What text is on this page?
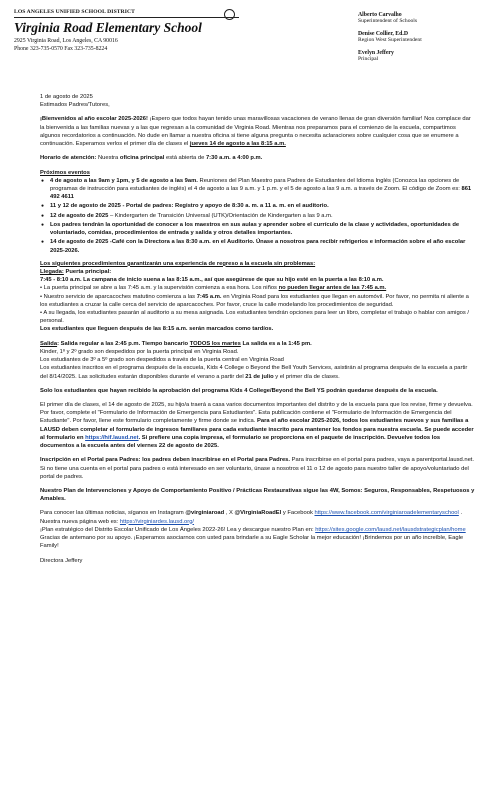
LOS ANGELES UNIFIED SCHOOL DISTRICT
Virginia Road Elementary School
2925 Virginia Road, Los Angeles, CA 90016
Phone 323-735-0570 Fax 323-735-8224
Alberto Carvalho
Superintendent of Schools
Denise Collier, Ed.D
Region West Superintendent
Evelyn Jeffery
Principal

1 de agosto de 2025
Estimados Padres/Tutores,

¡Bienvenidos al año escolar 2025-2026! ¡Espero que todos hayan tenido unas maravillosas vacaciones de verano llenas de gran diversión familiar! Nos complace dar la bienvenida a las familias nuevas y a las que regresan a la comunidad de Virginia Road. Mientras nos preparamos para el comienzo de la escuela, compartimos algunos recordatorios a continuación. No dude en llamar a nuestra oficina si tiene alguna pregunta o necesita aclaraciones sobre cualquier cosa que se enumere a continuación. Esperamos verlos el primer día de clases el jueves 14 de agosto a las 8:15 a.m.

Horario de atención: Nuestra oficina principal está abierta de 7:30 a.m. a 4:00 p.m.

Próximos eventos
● 4 de agosto a las 9am y 1pm, y 5 de agosto a las 9am. Reuniones del Plan Maestro para Padres de Estudiantes del Idioma Inglés (Conozca las opciones de programas de instrucción para estudiantes de inglés) el 4 de agosto a las 9 a.m. y 1 p.m. y el 5 de agosto a las 9 a.m. a través de Zoom. El código de Zoom es: 861 492 4611
● 11 y 12 de agosto de 2025 - Portal de padres: Registro y apoyo de 8:30 a. m. a 11 a. m. en el auditorio.
● 12 de agosto de 2025 – Kindergarten de Transición Universal (UTK)/Orientación de Kindergarten a las 9 a.m.
● Los padres tendrán la oportunidad de conocer a los maestros en sus aulas y aprender sobre el currículo de la clase y actividades, oportunidades de voluntariado, comidas, procedimientos de entrada y salida y otros detalles importantes.
● 14 de agosto de 2025 -Café con la Directora a las 8:30 a.m. en el Auditorio. Únase a nosotros para recibir refrigerios e información sobre el año escolar 2025-2026.

Los siguientes procedimientos garantizarán una experiencia de regreso a la escuela sin problemas:
Llegada: Puerta principal:
7:45 - 8:10 a.m. La campana de inicio suena a las 8:15 a.m., así que asegúrese de que su hijo esté en la puerta a las 8:10 a.m.
• La puerta principal se abre a las 7:45 a.m. y la supervisión comienza a esa hora. Los niños no pueden llegar antes de las 7:45 a.m.
• Nuestro servicio de aparcacoches matutino comienza a las 7:45 a.m. en Virginia Road para los estudiantes que llegan en automóvil. Por favor, no permita ni aliente a los estudiantes a cruzar la calle cerca del servicio de aparcacoches. Por favor, cruce la calle modelando los procedimientos de seguridad.
• A su llegada, los estudiantes pasarán al auditorio a su mesa asignada. Los estudiantes tendrán opciones para leer un libro, completar el trabajo o hablar con amigos / personal.
Los estudiantes que lleguen después de las 8:15 a.m. serán marcados como tardíos.

Salida: Salida regular a las 2:45 p.m. Tiempo bancario TODOS los martes La salida es a la 1:45 pm.
Kinder, 1º y 2º grado son despedidos por la puerta principal en Virginia Road.
Los estudiantes de 3º a 5º grado son despedidos a través de la puerta central en Virginia Road
Los estudiantes inscritos en el programa después de la escuela, Kids 4 College o Beyond the Bell Youth Services, asistirán al programa después de la escuela a partir del 8/14/2025. Las solicitudes estarán disponibles durante el verano a partir del 21 de julio y el primer día de clases.

Solo los estudiantes que hayan recibido la aprobación del programa Kids 4 College/Beyond the Bell YS podrán quedarse después de la escuela.

El primer día de clases, el 14 de agosto de 2025, su hijo/a traerá a casa varios documentos importantes del distrito y de la escuela para que los revise, firme y devuelva. Por favor, complete el "Formulario de Información de Emergencia para Estudiantes". Esta publicación contiene el "Formulario de Información de Emergencia del Estudiante". Por favor, llene este formulario completamente y firme donde se indica. Para el año escolar 2025-2026, todos los estudiantes nuevos y sus familias a LAUSD deben completar el formulario de ingresos familiares para cada estudiante inscrito para mantener los fondos para nuestra escuela. Se puede acceder al formulario en https://hif.lausd.net. Si prefiere una copia impresa, el formulario se proporciona en el paquete de inscripción. Devuelve todos los documentos a la escuela antes del viernes 22 de agosto de 2025.

Inscripción en el Portal para Padres: los padres deben inscribirse en el Portal para Padres. Para inscribirse en el portal para padres, vaya a parentportal.lausd.net. Si no tiene una cuenta en el portal para padres o está interesado en ser voluntario, únase a nosotros el 11 o 12 de agosto para nuestro taller de apoyo/voluntariado del portal de padres.

Nuestro Plan de Intervenciones y Apoyo de Comportamiento Positivo / Prácticas Restaurativas sigue las 4W, Somos: Seguros, Responsables, Respetuosos y Amables.

Para conocer las últimas noticias, síganos en Instagram @virginiaroad , X @VirginiaRoadEl y Facebook https://www.facebook.com/virginiaroadelementaryschool . Nuestra nueva página web es: https://virginiardes.lausd.org/
¡Plan estratégico del Distrito Escolar Unificado de Los Ángeles 2022-26! Lea y descargue nuestro Plan en: https://sites.google.com/lausd.net/lausdstrategicplan/home
Gracias de antemano por su apoyo. ¡Esperamos asociarnos con usted para brindarle a su Eagle Scholar la mejor educación! ¡Brindemos por un año increíble, Eagle Family!

Directora Jeffery
